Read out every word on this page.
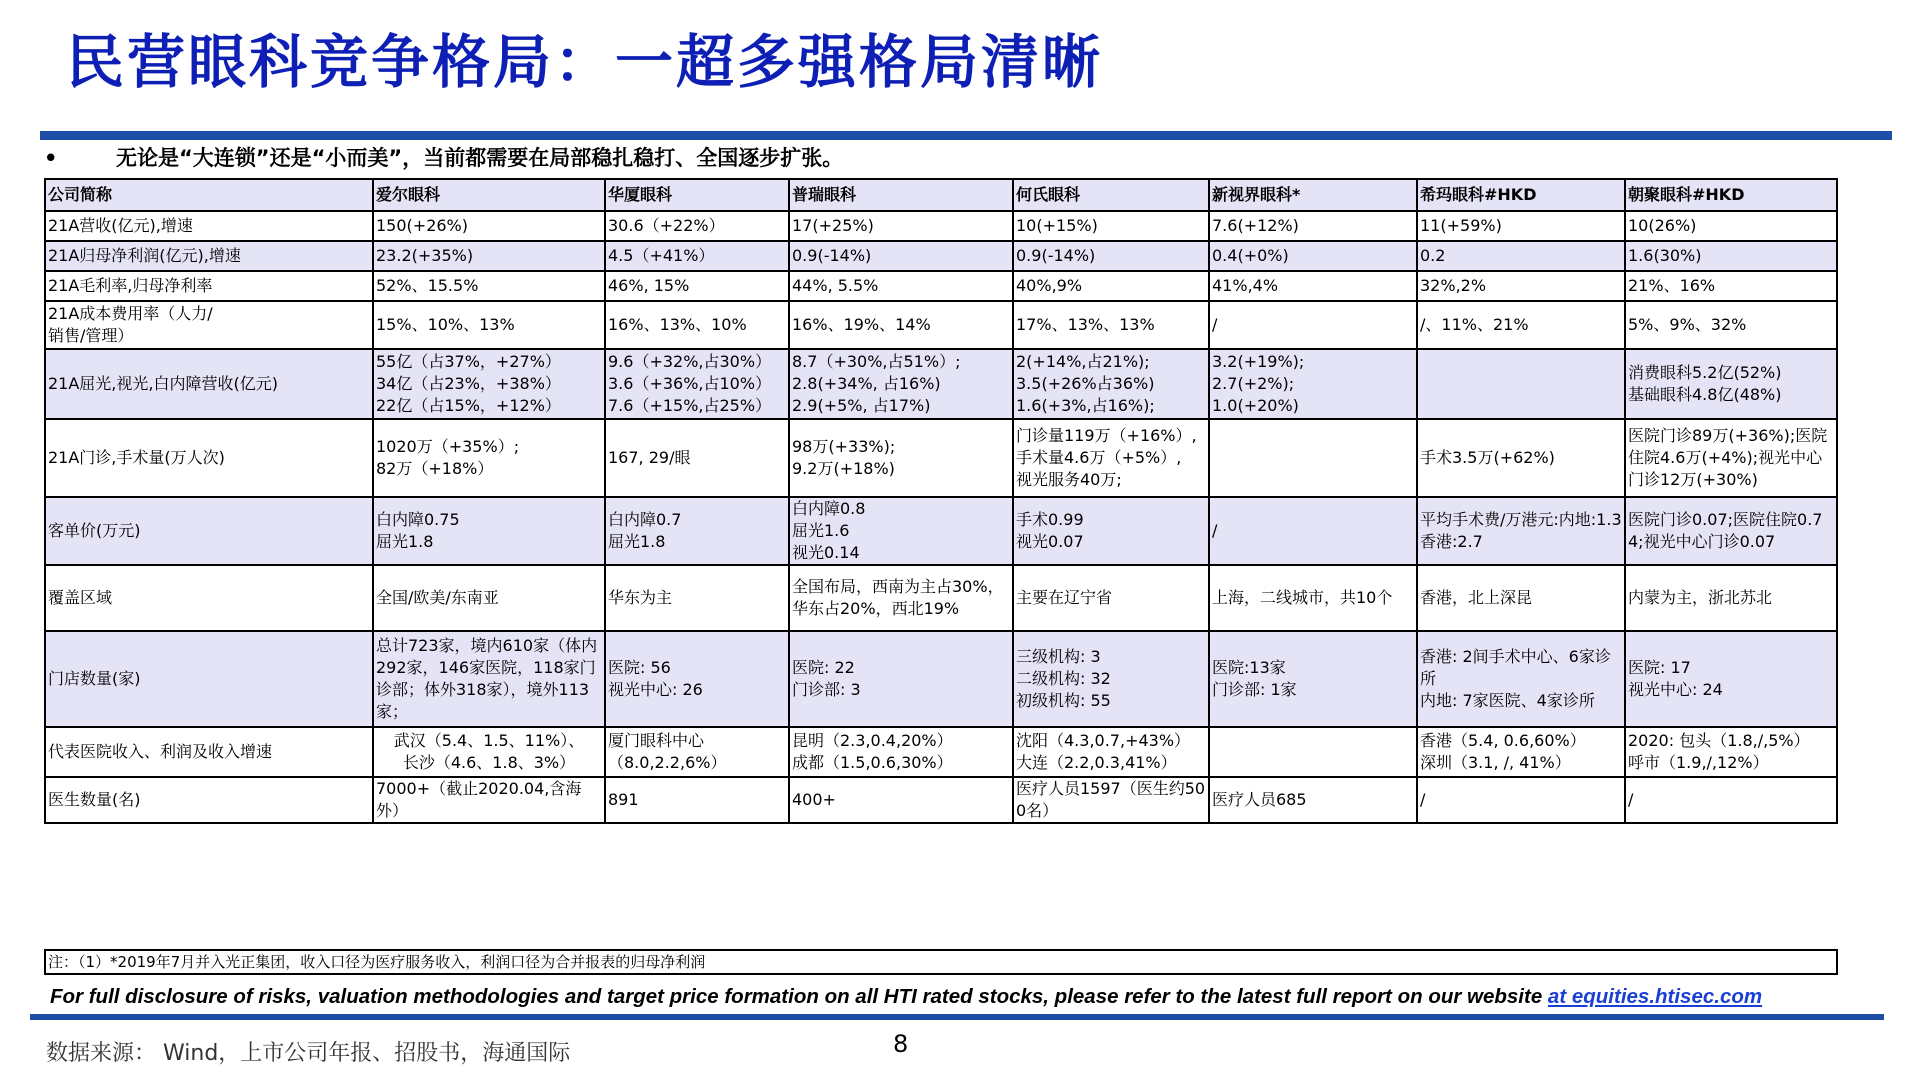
民营眼科竞争格局：一超多强格局清晰
•	无论是“大连锁”还是“小而美”，当前都需要在局部稳扎稳打、全国逐步扩张。
公司简称	爱尔眼科	华厦眼科	普瑞眼科	何氏眼科	新视界眼科*	希玛眼科#HKD	朝聚眼科#HKD
21A营收(亿元),增速	150(+26%)	30.6（+22%）	17(+25%)	10(+15%)	7.6(+12%)	11(+59%)	10(26%)
21A归母净利润(亿元),增速	23.2(+35%)	4.5（+41%）	0.9(-14%)	0.9(-14%)	0.4(+0%)	0.2	1.6(30%)
21A毛利率,归母净利率	52%、15.5%	46%, 15%	44%, 5.5%	40%,9%	41%,4%	32%,2%	21%、16%
21A成本费用率（人力/
销售/管理）	15%、10%、13%	16%、13%、10%	16%、19%、14%	17%、13%、13%	/	/、11%、21%	5%、9%、32%
21A屈光,视光,白内障营收(亿元)	55亿（占37%，+27%）
34亿（占23%，+38%）
22亿（占15%，+12%）	9.6（+32%,占30%）
3.6（+36%,占10%）
7.6（+15%,占25%）	8.7（+30%,占51%）;
2.8(+34%, 占16%)
2.9(+5%, 占17%)	2(+14%,占21%);
3.5(+26%占36%)
1.6(+3%,占16%);	3.2(+19%);
2.7(+2%);
1.0(+20%)		消费眼科5.2亿(52%)
基础眼科4.8亿(48%)
21A门诊,手术量(万人次)	1020万（+35%）;
82万（+18%）	167, 29/眼	98万(+33%);
9.2万(+18%)	门诊量119万（+16%）,
手术量4.6万（+5%）,
视光服务40万;		手术3.5万(+62%)	医院门诊89万(+36%);医院住院4.6万(+4%);视光中心门诊12万(+30%)
客单价(万元)	白内障0.75
屈光1.8	白内障0.7
屈光1.8	白内障0.8
屈光1.6
视光0.14	手术0.99
视光0.07	/	平均手术费/万港元:内地:1.3
香港:2.7	医院门诊0.07;医院住院0.74;视光中心门诊0.07
覆盖区域	全国/欧美/东南亚	华东为主	全国布局，西南为主占30%，华东占20%，西北19%	主要在辽宁省	上海，二线城市，共10个	香港，北上深昆	内蒙为主，浙北苏北
门店数量(家)	总计723家，境内610家（体内292家，146家医院，118家门诊部；体外318家），境外113家；	医院: 56
视光中心: 26	医院: 22
门诊部: 3	三级机构: 3
二级机构: 32
初级机构: 55	医院:13家
门诊部: 1家	香港: 2间手术中心、6家诊所
内地: 7家医院、4家诊所	医院: 17
视光中心: 24
代表医院收入、利润及收入增速	武汉（5.4、1.5、11%）、
长沙（4.6、1.8、3%）	厦门眼科中心
（8.0,2.2,6%）	昆明（2.3,0.4,20%）
成都（1.5,0.6,30%）	沈阳（4.3,0.7,+43%）
大连（2.2,0.3,41%）		香港（5.4, 0.6,60%）
深圳（3.1, /, 41%）	2020: 包头（1.8,/,5%）
呼市（1.9,/,12%）
医生数量(名)	7000+（截止2020.04,含海外）	891	400+	医疗人员1597（医生约500名）	医疗人员685	/	/
注：（1）*2019年7月并入光正集团，收入口径为医疗服务收入，利润口径为合并报表的归母净利润
For full disclosure of risks, valuation methodologies and target price formation on all HTI rated stocks, please refer to the latest full report on our website at equities.htisec.com
数据来源： Wind，上市公司年报、招股书，海通国际	8
